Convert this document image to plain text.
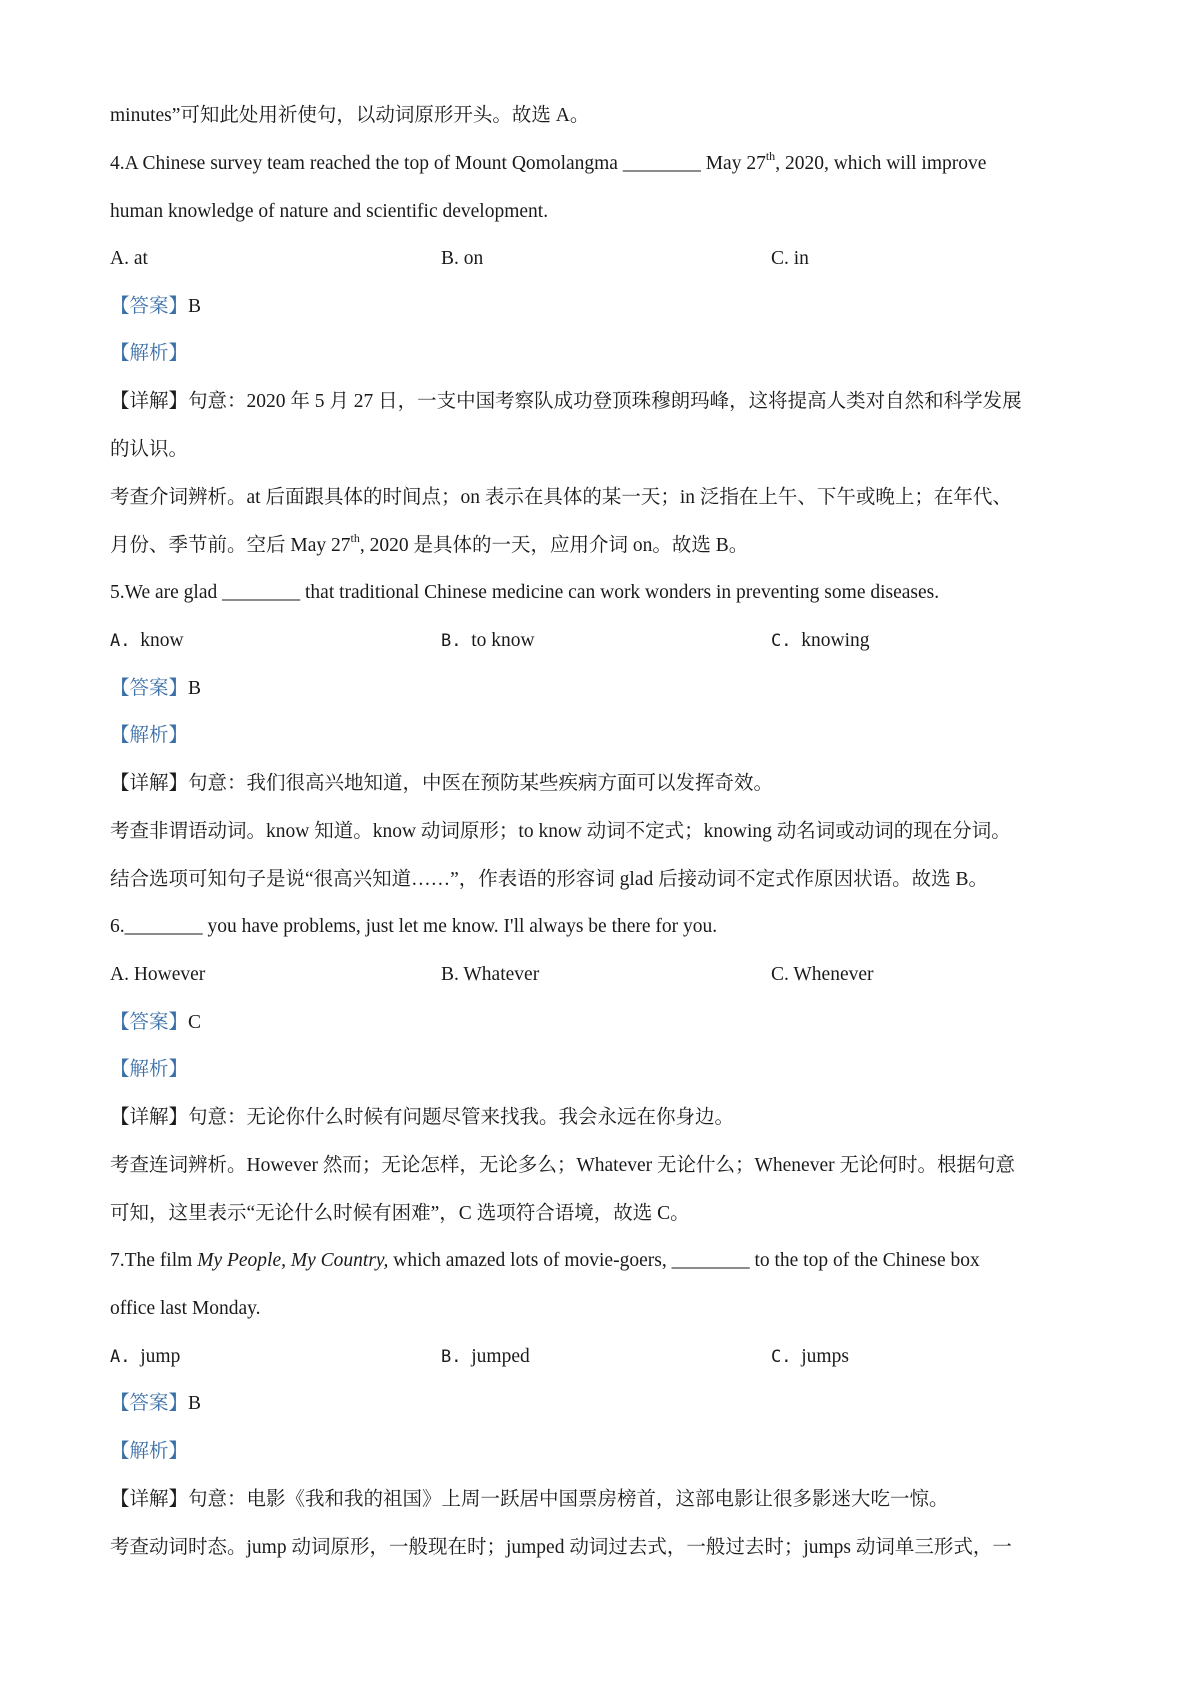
minutes”可知此处用祈使句，以动词原形开头。故选 A。
4.A Chinese survey team reached the top of Mount Qomolangma ________ May 27th, 2020, which will improve
human knowledge of nature and scientific development.
A. at	B. on	C. in
【答案】B
【解析】
【详解】句意：2020 年 5 月 27 日，一支中国考察队成功登顶珠穆朗玛峰，这将提高人类对自然和科学发展
的认识。
考查介词辨析。at 后面跟具体的时间点；on 表示在具体的某一天；in 泛指在上午、下午或晚上；在年代、
月份、季节前。空后 May 27th, 2020 是具体的一天，应用介词 on。故选 B。
5.We are glad ________ that traditional Chinese medicine can work wonders in preventing some diseases.
A. know	B. to know	C. knowing
【答案】B
【解析】
【详解】句意：我们很高兴地知道，中医在预防某些疾病方面可以发挥奇效。
考查非谓语动词。know 知道。know 动词原形；to know 动词不定式；knowing 动名词或动词的现在分词。
结合选项可知句子是说“很高兴知道……”，作表语的形容词 glad 后接动词不定式作原因状语。故选 B。
6.________ you have problems, just let me know. I'll always be there for you.
A. However	B. Whatever	C. Whenever
【答案】C
【解析】
【详解】句意：无论你什么时候有问题尽管来找我。我会永远在你身边。
考查连词辨析。However 然而；无论怎样，无论多么；Whatever 无论什么；Whenever 无论何时。根据句意
可知，这里表示“无论什么时候有困难”，C 选项符合语境，故选 C。
7.The film My People, My Country, which amazed lots of movie-goers, ________ to the top of the Chinese box
office last Monday.
A. jump	B. jumped	C. jumps
【答案】B
【解析】
【详解】句意：电影《我和我的祖国》上周一跃居中国票房榜首，这部电影让很多影迷大吃一惊。
考查动词时态。jump 动词原形，一般现在时；jumped 动词过去式，一般过去时；jumps 动词单三形式，一
